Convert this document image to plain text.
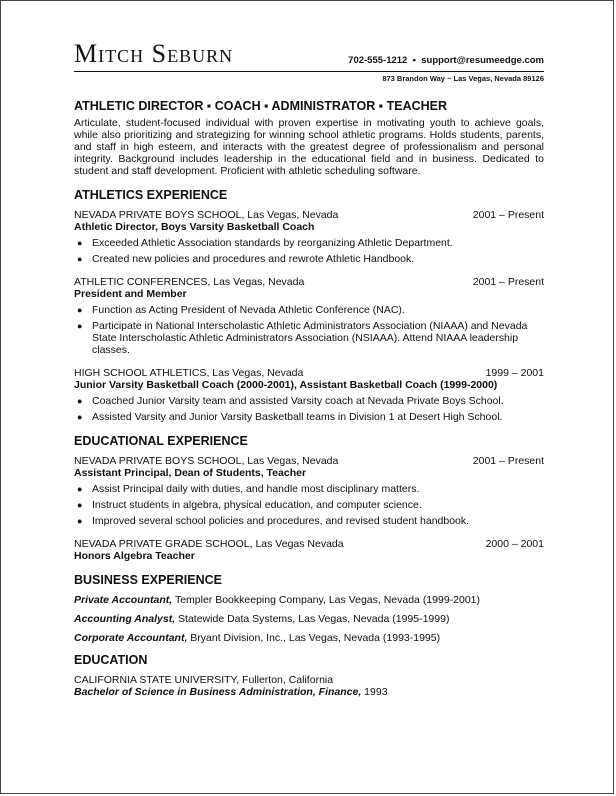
Mitch Seburn	702-555-1212 • support@resumeedge.com
873 Brandon Way ~ Las Vegas, Nevada 89126
ATHLETIC DIRECTOR ▪ COACH ▪ ADMINISTRATOR ▪ TEACHER
Articulate, student-focused individual with proven expertise in motivating youth to achieve goals, while also prioritizing and strategizing for winning school athletic programs. Holds students, parents, and staff in high esteem, and interacts with the greatest degree of professionalism and personal integrity. Background includes leadership in the educational field and in business. Dedicated to student and staff development. Proficient with athletic scheduling software.
ATHLETICS EXPERIENCE
NEVADA PRIVATE BOYS SCHOOL, Las Vegas, Nevada	2001 – Present
Athletic Director, Boys Varsity Basketball Coach
● Exceeded Athletic Association standards by reorganizing Athletic Department.
● Created new policies and procedures and rewrote Athletic Handbook.
ATHLETIC CONFERENCES, Las Vegas, Nevada	2001 – Present
President and Member
● Function as Acting President of Nevada Athletic Conference (NAC).
● Participate in National Interscholastic Athletic Administrators Association (NIAAA) and Nevada State Interscholastic Athletic Administrators Association (NSIAAA). Attend NIAAA leadership classes.
HIGH SCHOOL ATHLETICS, Las Vegas, Nevada	1999 – 2001
Junior Varsity Basketball Coach (2000-2001), Assistant Basketball Coach (1999-2000)
● Coached Junior Varsity team and assisted Varsity coach at Nevada Private Boys School.
● Assisted Varsity and Junior Varsity Basketball teams in Division 1 at Desert High School.
EDUCATIONAL EXPERIENCE
NEVADA PRIVATE BOYS SCHOOL, Las Vegas, Nevada	2001 – Present
Assistant Principal, Dean of Students, Teacher
● Assist Principal daily with duties, and handle most disciplinary matters.
● Instruct students in algebra, physical education, and computer science.
● Improved several school policies and procedures, and revised student handbook.
NEVADA PRIVATE GRADE SCHOOL, Las Vegas Nevada	2000 – 2001
Honors Algebra Teacher
BUSINESS EXPERIENCE
Private Accountant, Templer Bookkeeping Company, Las Vegas, Nevada (1999-2001)
Accounting Analyst, Statewide Data Systems, Las Vegas, Nevada (1995-1999)
Corporate Accountant, Bryant Division, Inc., Las Vegas, Nevada (1993-1995)
EDUCATION
CALIFORNIA STATE UNIVERSITY, Fullerton, California
Bachelor of Science in Business Administration, Finance, 1993
